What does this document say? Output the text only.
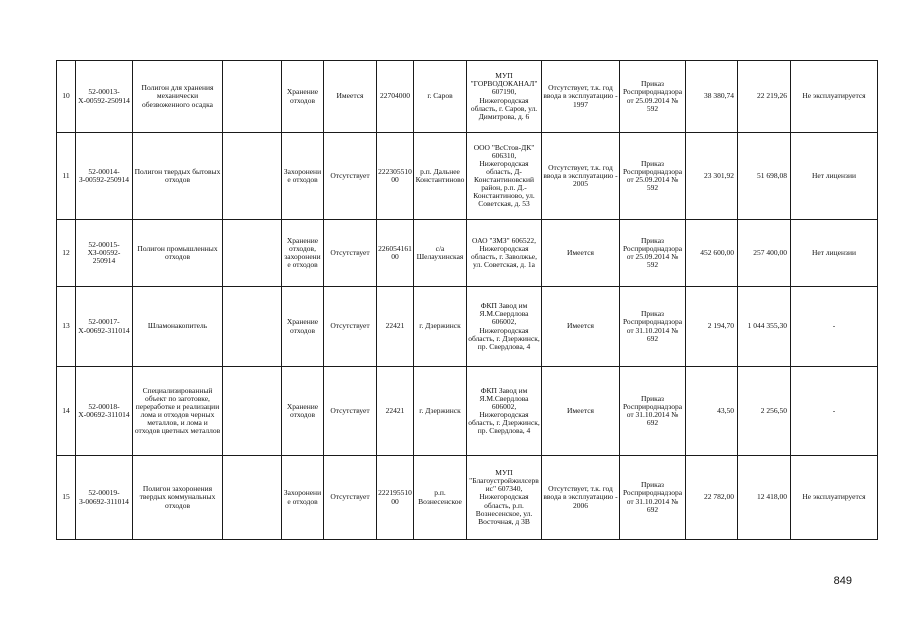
10	52-00013-Х-00592-250914	Полигон для хранения механически обезвоженного осадка		Хранение отходов	Имеется	22704000	г. Саров	МУП "ГОРВОДОКАНАЛ" 607190, Нижегородская область, г. Саров, ул. Димитрова, д. 6	Отсутствует, т.к. год ввода в эксплуатацию - 1997	Приказ Росприроднадзора от 25.09.2014 № 592	38 380,74	22 219,26	Не эксплуатируется
11	52-00014-З-00592-250914	Полигон твердых бытовых отходов		Захоронение отходов	Отсутствует	22230551000	р.п. Дальнее Константиново	ООО "ВсСтов-ДК" 606310, Нижегородская область, Д-Константиновский район, р.п. Д.-Константиново, ул. Советская, д. 53	Отсутствует, т.к. год ввода в эксплуатацию - 2005	Приказ Росприроднадзора от 25.09.2014 № 592	23 301,92	51 698,08	Нет лицензии
12	52-00015-ХЗ-00592-250914	Полигон промышленных отходов		Хранение отходов, захоронение отходов	Отсутствует	22605416100	с/а Шелаухинская	ОАО "ЗМЗ" 606522, Нижегородская область, г. Заволжье, ул. Советская, д. 1а	Имеется	Приказ Росприроднадзора от 25.09.2014 № 592	452 600,00	257 400,00	Нет лицензии
13	52-00017-Х-00692-311014	Шламонакопитель		Хранение отходов	Отсутствует	22421	г. Дзержинск	ФКП Завод им Я.М.Свердлова 606002, Нижегородская область, г. Дзержинск, пр. Свердлова, 4	Имеется	Приказ Росприроднадзора от 31.10.2014 № 692	2 194,70	1 044 355,30	-
14	52-00018-Х-00692-311014	Специализированный объект по заготовке, переработке и реализации лома и отходов черных металлов, и лома и отходов цветных металлов		Хранение отходов	Отсутствует	22421	г. Дзержинск	ФКП Завод им Я.М.Свердлова 606002, Нижегородская область, г. Дзержинск, пр. Свердлова, 4	Имеется	Приказ Росприроднадзора от 31.10.2014 № 692	43,50	2 256,50	-
15	52-00019-З-00692-311014	Полигон захоронения твердых коммунальных отходов		Захоронение отходов	Отсутствует	22219551000	р.п. Вознесенское	МУП "Благоустройжилсервис" 607340, Нижегородская область, р.п. Вознесенское, ул. Восточная, д 3В	Отсутствует, т.к. год ввода в эксплуатацию - 2006	Приказ Росприроднадзора от 31.10.2014 № 692	22 782,00	12 418,00	Не эксплуатируется
849
